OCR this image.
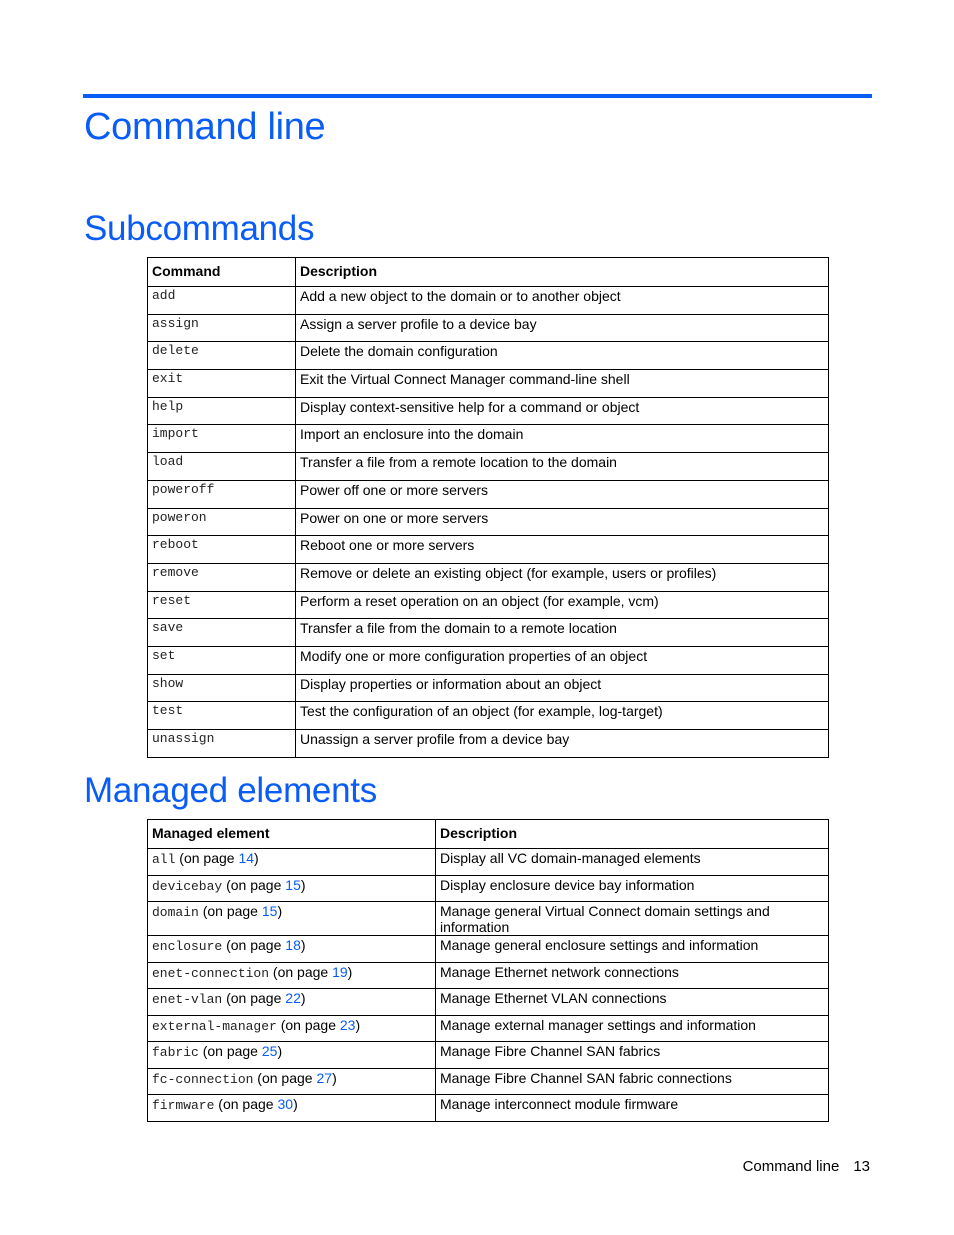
Command line
Subcommands
Command	Description
add	Add a new object to the domain or to another object
assign	Assign a server profile to a device bay
delete	Delete the domain configuration
exit	Exit the Virtual Connect Manager command-line shell
help	Display context-sensitive help for a command or object
import	Import an enclosure into the domain
load	Transfer a file from a remote location to the domain
poweroff	Power off one or more servers
poweron	Power on one or more servers
reboot	Reboot one or more servers
remove	Remove or delete an existing object (for example, users or profiles)
reset	Perform a reset operation on an object (for example, vcm)
save	Transfer a file from the domain to a remote location
set	Modify one or more configuration properties of an object
show	Display properties or information about an object
test	Test the configuration of an object (for example, log-target)
unassign	Unassign a server profile from a device bay
Managed elements
Managed element	Description
all (on page 14)	Display all VC domain-managed elements
devicebay (on page 15)	Display enclosure device bay information
domain (on page 15)	Manage general Virtual Connect domain settings and information
enclosure (on page 18)	Manage general enclosure settings and information
enet-connection (on page 19)	Manage Ethernet network connections
enet-vlan (on page 22)	Manage Ethernet VLAN connections
external-manager (on page 23)	Manage external manager settings and information
fabric (on page 25)	Manage Fibre Channel SAN fabrics
fc-connection (on page 27)	Manage Fibre Channel SAN fabric connections
firmware (on page 30)	Manage interconnect module firmware
Command line 13
